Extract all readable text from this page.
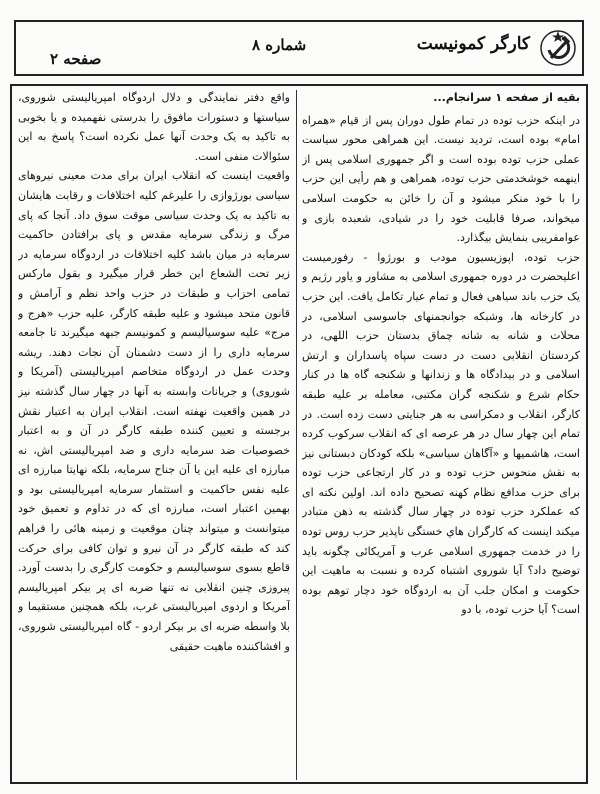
کارگر کمونیست
شماره ۸
صفحه ۲

بقیه از صفحه ۱ سرانجام...

در اینکه حزب توده در تمام طول دوران پس از قیام «همراه امام» بوده است، تردید نیست. این همراهی محور سیاست عملی حزب توده بوده است و اگر جمهوری اسلامی پس از اینهمه خوشخدمتی حزب توده، همراهی و هم رأیی این حزب را با خود منکر میشود و آن را خائن به حکومت اسلامی میخواند، صرفا قابلیت خود را در شیادی، شعبده بازی و عوامفریبی بنمایش بیگذارد.

حزب توده، اپوزیسیون مودب و بورژوا - رفورمیست اعلیحضرت در دوره جمهوری اسلامی به مشاور و یاور رژیم و یک حزب باند سیاهی فعال و تمام عیار تکامل یافت. این حزب در کارخانه ها، وشبکه جوانجمنهای جاسوسی اسلامی، در محلات و شانه به شانه چماق بدستان حزب اللهی، در کردستان انقلابی دست در دست سپاه پاسداران و ارتش اسلامی و در بیدادگاه ها و زندانها و شکنجه گاه ها در کنار حکام شرع و شکنجه گران مکتبی، معامله بر علیه طبقه کارگر، انقلاب و دمکراسی به هر جنایتی دست زده است. در تمام این چهار سال در هر عرصه ای که انقلاب سرکوب کرده است، هاشمیها و «آگاهان سیاسی» بلکه کودکان دبستانی نیز به نقش منحوس حزب توده و در کار ارتجاعی حزب توده برای حزب مدافع نظام کهنه تصحیح داده اند. اولین نکته ای که عملکرد حزب توده در چهار سال گذشته به ذهن متبادر میکند اینست که کارگران هاي خستگی ناپذیر حزب روس توده را در خدمت جمهوری اسلامی عرب و آمریکائی چگونه باید توضیح داد؟ آیا شوروی اشتباه کرده و نسبت به ماهیت این حکومت و امکان جلب آن به اردوگاه خود دچار توهم بوده است؟ آیا حزب توده، با دو

واقع دفتر نمایندگی و دلال اردوگاه امپریالیستی شوروی، سیاستها و دستورات مافوق را بدرستی نفهمیده و یا بخوبی به تاکید به یک وحدت آنها عمل نکرده است؟ پاسخ به این سئوالات منفی است.

واقعیت اینست که انقلاب ایران برای مدت معینی نیروهای سیاسی بورژوازی را علیرغم کلیه اختلافات و رقابت هایشان به تاکید به یک وحدت سیاسی موقت سوق داد. آنجا که پای مرگ و زندگی سرمایه مقدس و پای برافتادن حاکمیت سرمایه در میان باشد کلیه اختلافات در اردوگاه سرمایه در زیر تحت الشعاع این خطر قرار میگیرد و بقول مارکس تمامی احزاب و طبقات در حزب واحد نظم و آرامش و قانون متحد میشود و علیه طبقه کارگر، علیه حزب «هرج و مرج» علیه سوسیالیسم و کمونیسم جبهه میگیرند تا جامعه سرمایه داری را از دست دشمنان آن نجات دهند. ریشه وحدت عمل در اردوگاه متخاصم امپریالیستی (آمریکا و شوروی) و جریانات وابسته به آنها در چهار سال گذشته نیز در همین واقعیت نهفته است. انقلاب ایران به اعتبار نقش برجسته و تعیین کننده طبقه کارگر در آن و به اعتبار خصوصیات ضد سرمایه داری و ضد امپریالیستی اش، نه مبارزه ای علیه این یا آن جناح سرمایه، بلکه نهایتا مبارزه ای علیه نفس حاکمیت و استثمار سرمایه امپریالیستی بود و بهمین اعتبار است، مبارزه ای که در تداوم و تعمیق خود میتوانست و میتواند چنان موقعیت و زمینه هائی را فراهم کند که طبقه کارگر در آن نیرو و توان کافی برای حرکت قاطع بسوی سوسیالیسم و حکومت کارگری را بدست آورد. پیروزی چنین انقلابی نه تنها ضربه ای پر بیکر امپریالیسم آمریکا و اردوی امپریالیستی غرب، بلکه همچنین مستقیما و بلا واسطه ضربه ای بر بیکر اردو - گاه امپریالیستی شوروی، و افشاکننده ماهیت حقیقی
